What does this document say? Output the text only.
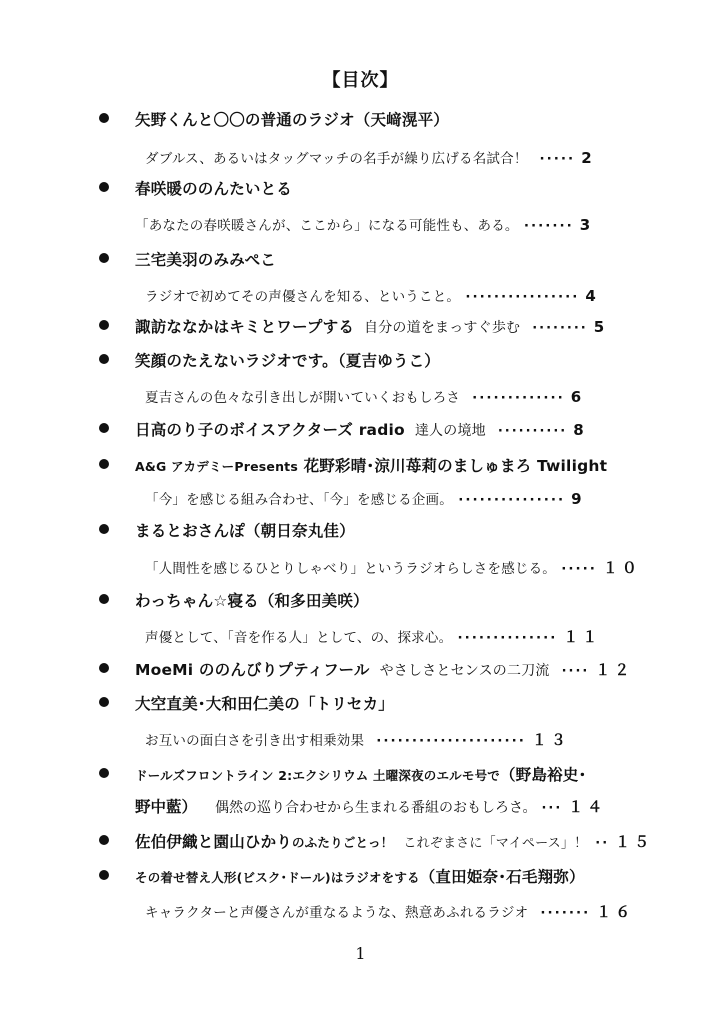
【目次】
矢野くんと〇〇の普通のラジオ（天﨑滉平）
ダブルス、あるいはタッグマッチの名手が繰り広げる名試合！ ····· 2
春咲暖ののんたいとる
「あなたの春咲暖さんが、ここから」になる可能性も、ある。 ······· 3
三宅美羽のみみぺこ
ラジオで初めてその声優さんを知る、ということ。 ················ 4
諏訪ななかはキミとワープする 自分の道をまっすぐ歩む ········ 5
笑顔のたえないラジオです。（夏吉ゆうこ）
夏吉さんの色々な引き出しが開いていくおもしろさ ············· 6
日高のり子のボイスアクターズ radio 達人の境地 ·········· 8
A&G アカデミーPresents 花野彩晴･涼川苺莉のましゅまろ Twilight
「今」を感じる組み合わせ、「今」を感じる企画。 ··············· 9
まるとおさんぽ（朝日奈丸佳）
「人間性を感じるひとりしゃべり」というラジオらしさを感じる。 ····· １０
わっちゃん☆寝る（和多田美咲）
声優として、「音を作る人」として、の、探求心。 ·············· １１
MoeMi ののんびりプティフール やさしさとセンスの二刀流 ···· １２
大空直美･大和田仁美の「トリセカ」
お互いの面白さを引き出す相乗効果 ····················· １３
ドールズフロントライン 2:エクシリウム 土曜深夜のエルモ号で（野島裕史･
野中藍） 偶然の巡り合わせから生まれる番組のおもしろさ。 ··· １４
佐伯伊織と園山ひかりのふたりごとっ！ これぞまさに「マイペース」！ ·· １５
その着せ替え人形(ビスク･ドール)はラジオをする（直田姫奈･石毛翔弥）
キャラクターと声優さんが重なるような、熱意あふれるラジオ ······· １６
1
